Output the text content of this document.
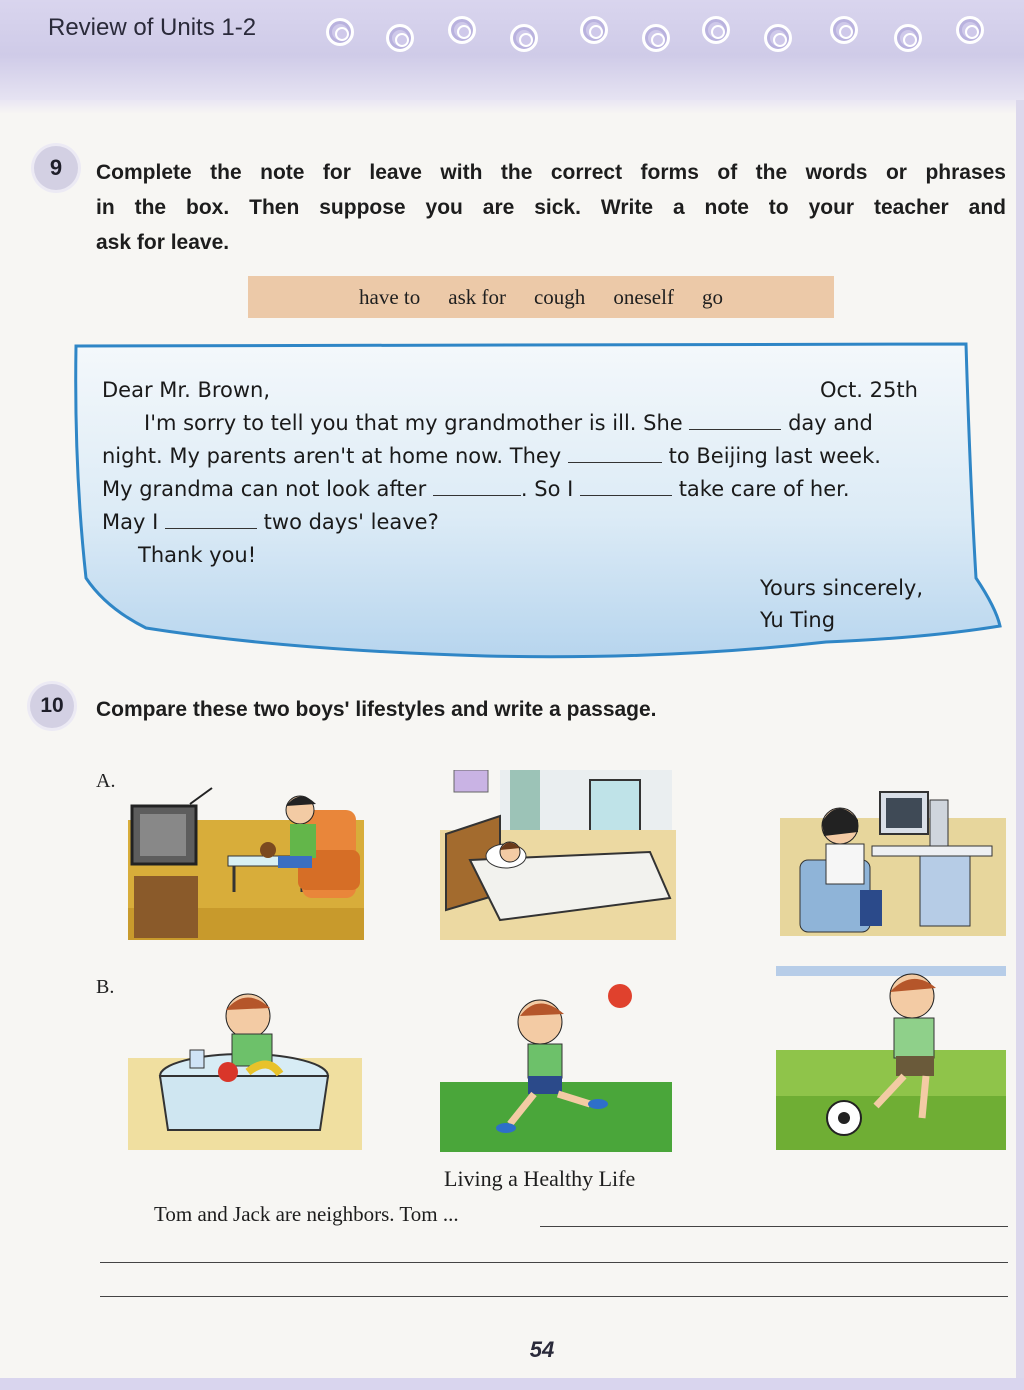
Review of Units 1-2
9	Complete the note for leave with the correct forms of the words or phrases
in the box. Then suppose you are sick. Write a note to your teacher and
ask for leave.
have to ask for cough oneself go
Dear Mr. Brown,	Oct. 25th
I'm sorry to tell you that my grandmother is ill. She	day and
night. My parents aren't at home now. They	to Beijing last week.
My grandma can not look after	. So I	take care of her.
May I	two days' leave?
Thank you!
Yours sincerely,
Yu Ting
10	Compare these two boys' lifestyles and write a passage.
A.
B.
Living a Healthy Life
Tom and Jack are neighbors. Tom ...
54
